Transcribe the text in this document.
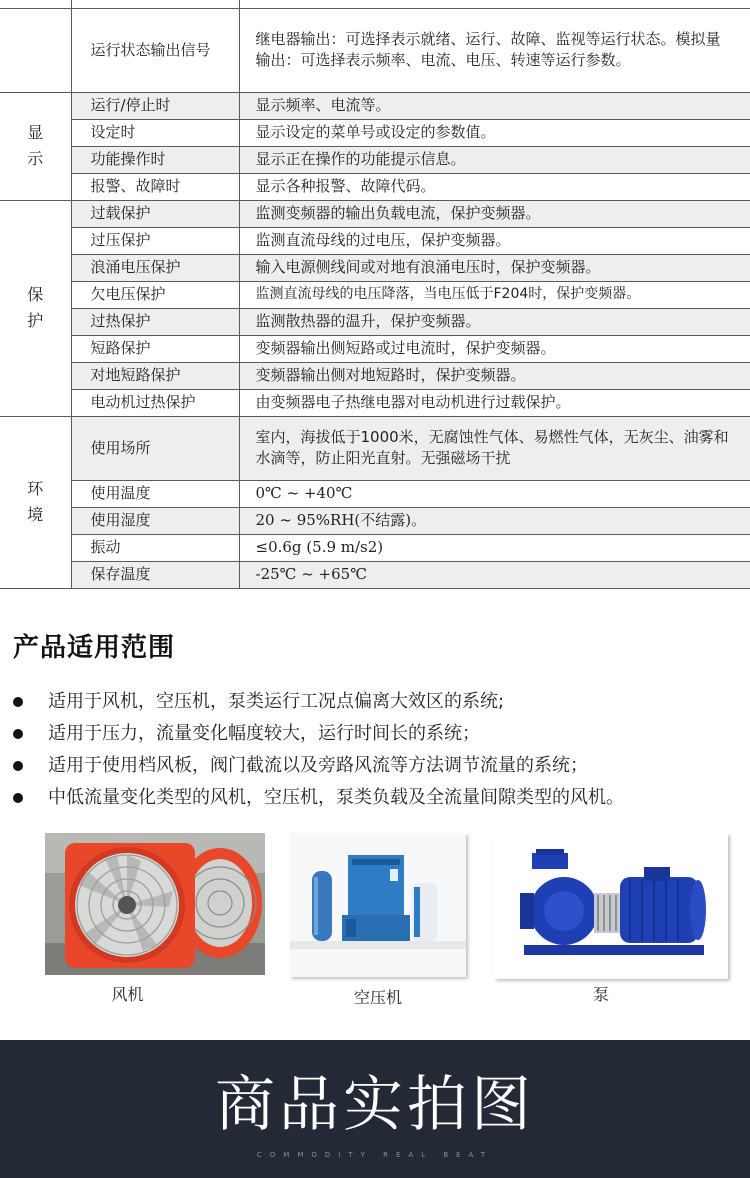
	运行状态输出信号	继电器输出：可选择表示就绪、运行、故障、监视等运行状态。模拟量输出：可选择表示频率、电流、电压、转速等运行参数。
显
示	运行/停止时	显示频率、电流等。
	设定时	显示设定的菜单号或设定的参数值。
	功能操作时	显示正在操作的功能提示信息。
	报警、故障时	显示各种报警、故障代码。
保
护	过载保护	监测变频器的输出负载电流，保护变频器。
	过压保护	监测直流母线的过电压，保护变频器。
	浪涌电压保护	输入电源侧线间或对地有浪涌电压时，保护变频器。
	欠电压保护	监测直流母线的电压降落，当电压低于F204时，保护变频器。
	过热保护	监测散热器的温升，保护变频器。
	短路保护	变频器输出侧短路或过电流时，保护变频器。
	对地短路保护	变频器输出侧对地短路时，保护变频器。
	电动机过热保护	由变频器电子热继电器对电动机进行过载保护。
环
境	使用场所	室内，海拔低于1000米，无腐蚀性气体、易燃性气体，无灰尘、油雾和水滴等，防止阳光直射。无强磁场干扰
	使用温度	0℃ ~ +40℃
	使用湿度	20 ~ 95%RH(不结露)。
	振动	≤0.6g (5.9 m/s2)
	保存温度	-25℃ ~ +65℃
产品适用范围
适用于风机，空压机，泵类运行工况点偏离大效区的系统;
适用于压力，流量变化幅度较大，运行时间长的系统；
适用于使用档风板，阀门截流以及旁路风流等方法调节流量的系统；
中低流量变化类型的风机，空压机，泵类负载及全流量间隙类型的风机。
风机	空压机	泵
商品实拍图
COMMODITY REAL BEAT
